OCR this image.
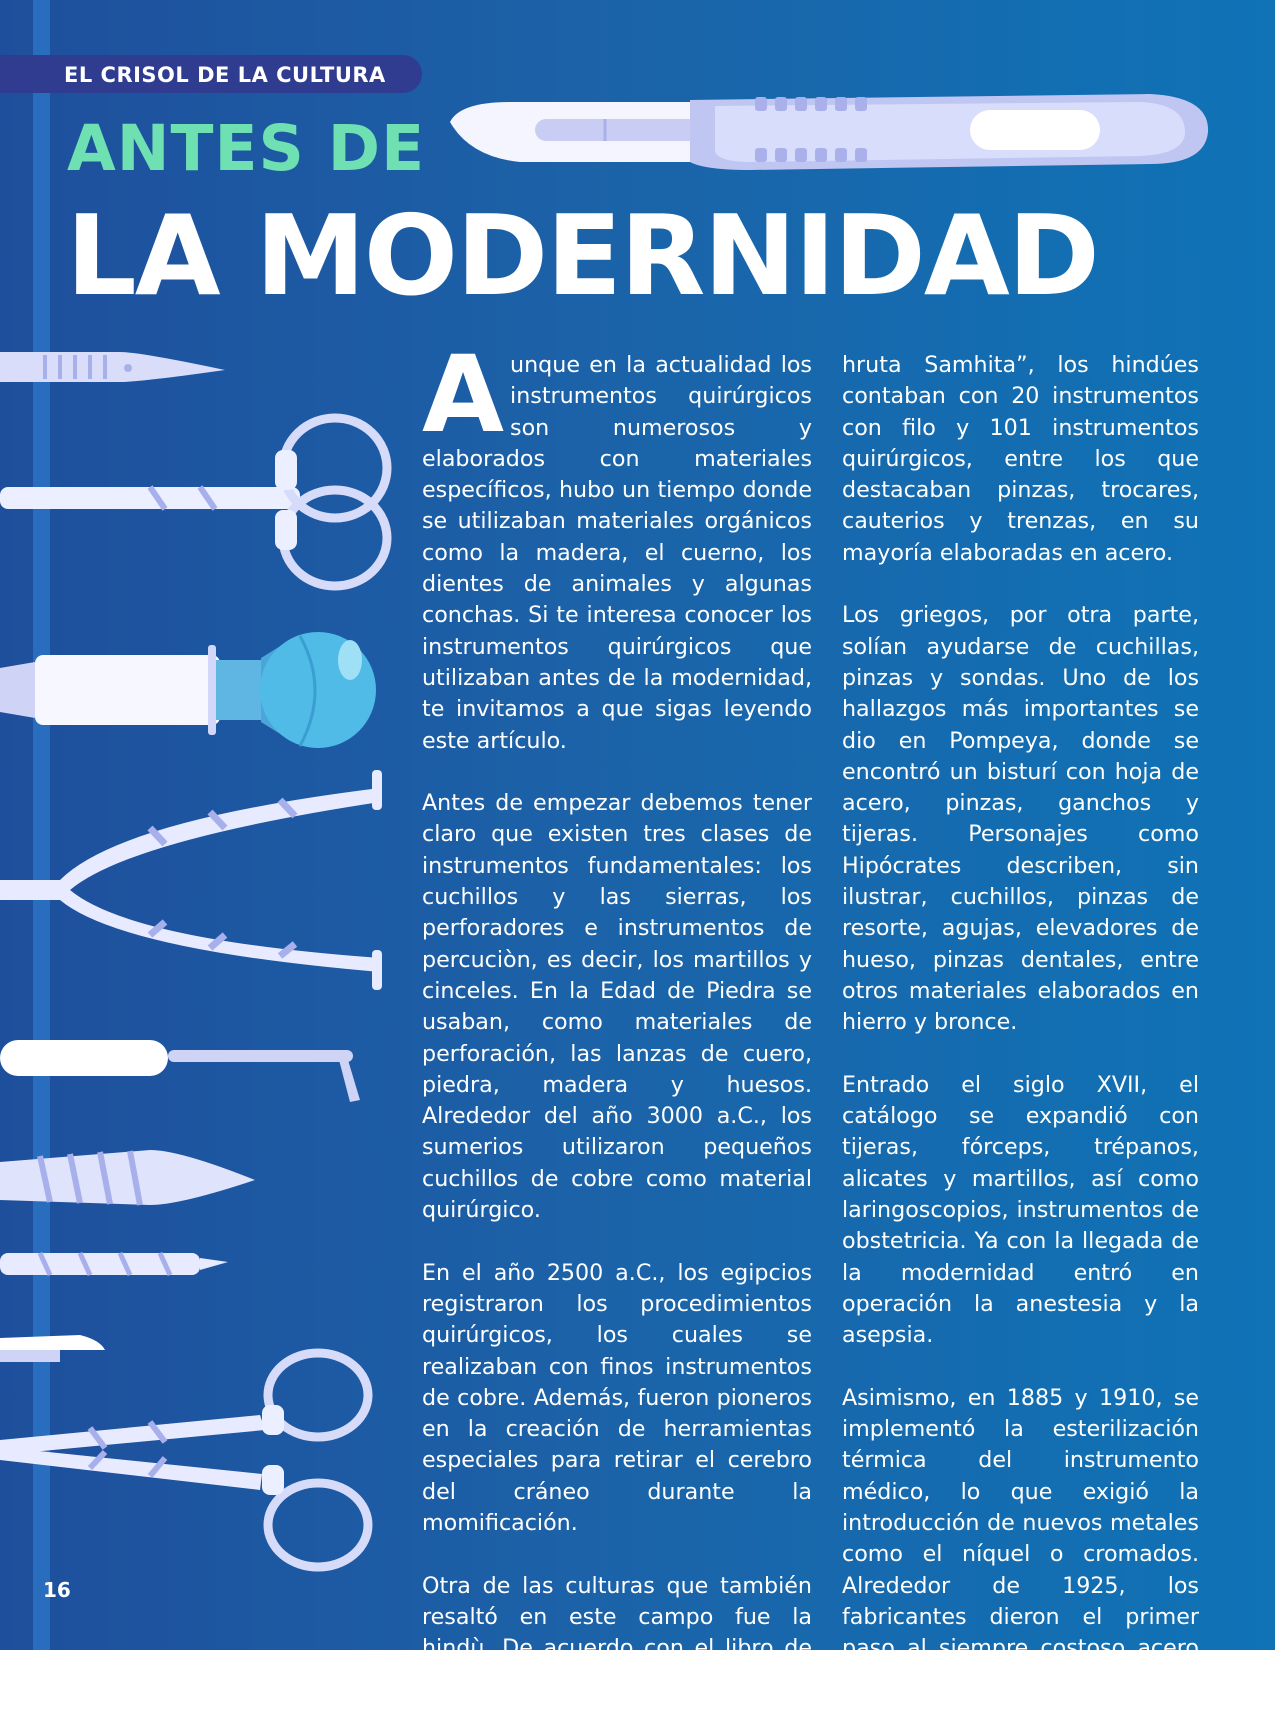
EL CRISOL DE LA CULTURA
ANTES DE
LA MODERNIDAD

Aunque en la actualidad los instrumentos quirúrgicos son numerosos y elaborados con materiales específicos, hubo un tiempo donde se utilizaban materiales orgánicos como la madera, el cuerno, los dientes de animales y algunas conchas. Si te interesa conocer los instrumentos quirúrgicos que utilizaban antes de la modernidad, te invitamos a que sigas leyendo este artículo.

Antes de empezar debemos tener claro que existen tres clases de instrumentos fundamentales: los cuchillos y las sierras, los perforadores e instrumentos de percuciòn, es decir, los martillos y cinceles. En la Edad de Piedra se usaban, como materiales de perforación, las lanzas de cuero, piedra, madera y huesos. Alrededor del año 3000 a.C., los sumerios utilizaron pequeños cuchillos de cobre como material quirúrgico.

En el año 2500 a.C., los egipcios registraron los procedimientos quirúrgicos, los cuales se realizaban con finos instrumentos de cobre. Además, fueron pioneros en la creación de herramientas especiales para retirar el cerebro del cráneo durante la momificación.

Otra de las culturas que también resaltó en este campo fue la hindù. De acuerdo con el libro de cirugía “Sus-

hruta Samhita”, los hindúes contaban con 20 instrumentos con filo y 101 instrumentos quirúrgicos, entre los que destacaban pinzas, trocares, cauterios y trenzas, en su mayoría elaboradas en acero.

Los griegos, por otra parte, solían ayudarse de cuchillas, pinzas y sondas. Uno de los hallazgos más importantes se dio en Pompeya, donde se encontró un bisturí con hoja de acero, pinzas, ganchos y tijeras. Personajes como Hipócrates describen, sin ilustrar, cuchillos, pinzas de resorte, agujas, elevadores de hueso, pinzas dentales, entre otros materiales elaborados en hierro y bronce.

Entrado el siglo XVII, el catálogo se expandió con tijeras, fórceps, trépanos, alicates y martillos, así como laringoscopios, instrumentos de obstetricia. Ya con la llegada de la modernidad entró en operación la anestesia y la asepsia.

Asimismo, en 1885 y 1910, se implementó la esterilización térmica del instrumento médico, lo que exigió la introducción de nuevos metales como el níquel o cromados. Alrededor de 1925, los fabricantes dieron el primer paso al siempre costoso acero inoxidable.

16
